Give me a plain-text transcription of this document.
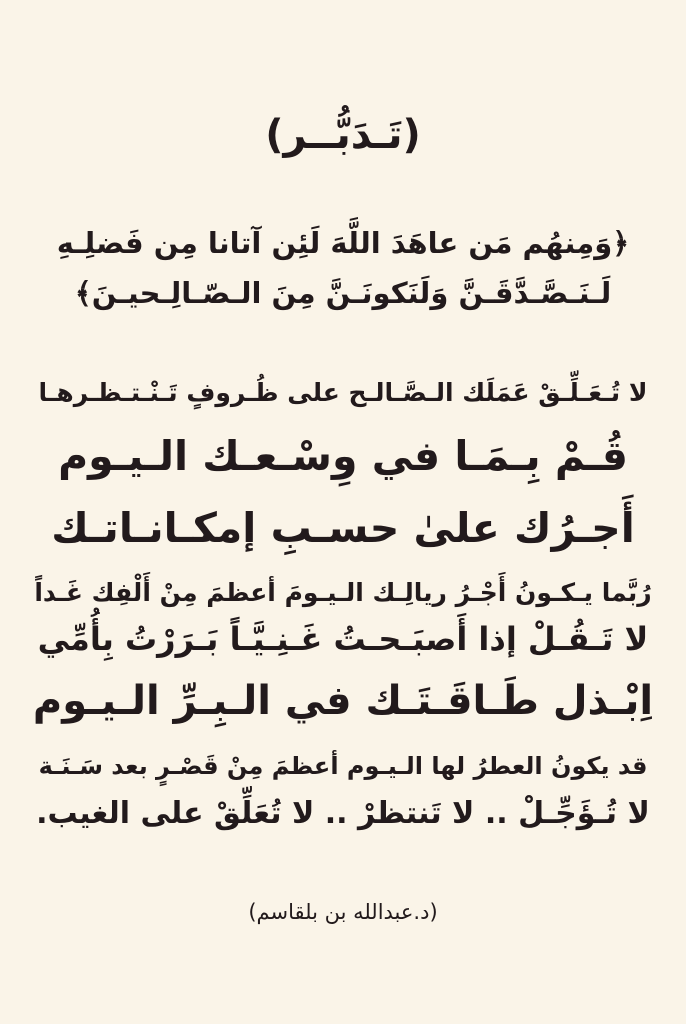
(تَـدَبُّــر)
﴿وَمِنهُم مَن عاهَدَ اللَّهَ لَئِن آتانا مِن فَضلِـهِ
لَـنَـصَّـدَّقَـنَّ وَلَنَكونَـنَّ مِنَ الـصّـالِـحيـنَ﴾
لا تُـعَـلِّـقْ عَمَلَك الـصَّـالـح على ظُـروفٍ تَـنْـتـظـرهـا
قُـمْ بِـمَـا في وِسْـعـك الـيـوم
أَجـرُك علىٰ حسـبِ إمكـانـاتـك
رُبَّما يـكـونُ أَجْـرُ ريالِـك الـيـومَ أعظمَ مِنْ أَلْفِك غَـداً
لا تَـقُـلْ إذا أَصبَـحـتُ غَـنِـيَّـاً بَـرَرْتُ بِأُمِّي
اِبْـذل طَـاقَـتَـك في الـبِـرِّ الـيـوم
قد يكونُ العطرُ لها الـيـوم أعظمَ مِنْ قَصْـرٍ بعد سَـنَـة
لا تُـؤَجِّـلْ .. لا تَنتظرْ .. لا تُعَلِّقْ على الغيب.
(د.عبدالله بن بلقاسم)
